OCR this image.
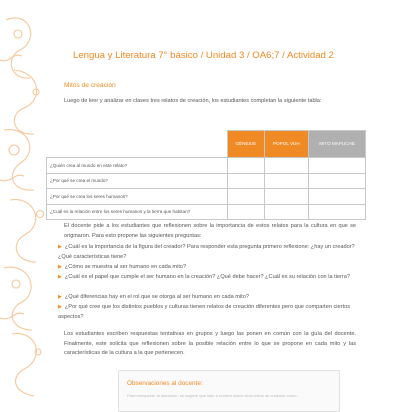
Lengua y Literatura 7° básico / Unidad 3 / OA6;7 / Actividad 2
Mitos de creación
Luego de leer y analizar en clases tres relatos de creación, los estudiantes completan la siguiente tabla:
	GÉNESIS	POPOL VUH	MITO MAPUCHE
¿Quién crea al mundo en este relato?			
¿Por qué se crea el mundo?			
¿Por qué se crea los seres humanos?			
¿Cuál es la relación entre los seres humanos y la tierra que habitan?			
El docente pide a los estudiantes que reflexionen sobre la importancia de estos relatos para la cultura en que se originaron. Para esto propone las siguientes preguntas:
▶ ¿Cuál es la importancia de la figura del creador? Para responder esta pregunta primero reflexione: ¿hay un creador? ¿Qué características tiene?
▶ ¿Cómo se muestra al ser humano en cada mito?
▶ ¿Cuál es el papel que cumple el ser humano en la creación? ¿Qué debe hacer? ¿Cuál es su relación con la tierra?
▶ ¿Qué diferencias hay en el rol que se otorga al ser humano en cada mito?
▶ ¿Por qué cree que los distintos pueblos y culturas tienen relatos de creación diferentes pero que comparten ciertos aspectos?
Los estudiantes escriben respuestas tentativas en grupos y luego las ponen en común con la guía del docente. Finalmente, este solicita que reflexionen sobre la posible relación entre lo que se propone en cada mito y las características de la cultura a la que pertenecen.
Observaciones al docente:
Para enriquecer la discusión, se sugiere que lean o revisen sobre otros mitos de creación como...
